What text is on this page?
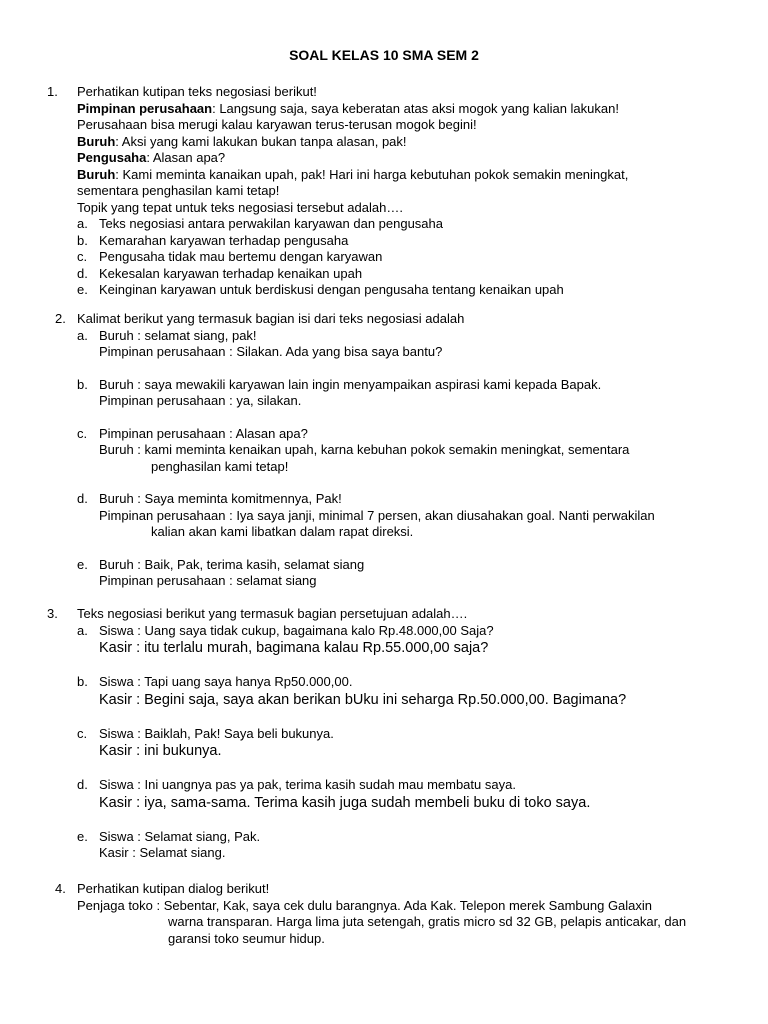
SOAL KELAS 10 SMA SEM 2
1. Perhatikan kutipan teks negosiasi berikut!
Pimpinan perusahaan: Langsung saja, saya keberatan atas aksi mogok yang kalian lakukan!
Perusahaan bisa merugi kalau karyawan terus-terusan mogok begini!
Buruh: Aksi yang kami lakukan bukan tanpa alasan, pak!
Pengusaha: Alasan apa?
Buruh: Kami meminta kanaikan upah, pak! Hari ini harga kebutuhan pokok semakin meningkat,
sementara penghasilan kami tetap!
Topik yang tepat untuk teks negosiasi tersebut adalah….
a. Teks negosiasi antara perwakilan karyawan dan pengusaha
b. Kemarahan karyawan terhadap pengusaha
c. Pengusaha tidak mau bertemu dengan karyawan
d. Kekesalan karyawan terhadap kenaikan upah
e. Keinginan karyawan untuk berdiskusi dengan pengusaha tentang kenaikan upah
2. Kalimat berikut yang termasuk bagian isi dari teks negosiasi adalah
a. Buruh : selamat siang, pak!
Pimpinan perusahaan : Silakan. Ada yang bisa saya bantu?
b. Buruh : saya mewakili karyawan lain ingin menyampaikan aspirasi kami kepada Bapak.
Pimpinan perusahaan : ya, silakan.
c. Pimpinan perusahaan : Alasan apa?
Buruh : kami meminta kenaikan upah, karna kebuhan pokok semakin meningkat, sementara
penghasilan kami tetap!
d. Buruh : Saya meminta komitmennya, Pak!
Pimpinan perusahaan : Iya saya janji, minimal 7 persen, akan diusahakan goal. Nanti perwakilan
kalian akan kami libatkan dalam rapat direksi.
e. Buruh : Baik, Pak, terima kasih, selamat siang
Pimpinan perusahaan : selamat siang
3. Teks negosiasi berikut yang termasuk bagian persetujuan adalah….
a. Siswa : Uang saya tidak cukup, bagaimana kalo Rp.48.000,00 Saja?
Kasir : itu terlalu murah, bagimana kalau Rp.55.000,00 saja?
b. Siswa : Tapi uang saya hanya Rp50.000,00.
Kasir : Begini saja, saya akan berikan bUku ini seharga Rp.50.000,00. Bagimana?
c. Siswa : Baiklah, Pak! Saya beli bukunya.
Kasir : ini bukunya.
d. Siswa : Ini uangnya pas ya pak, terima kasih sudah mau membatu saya.
Kasir : iya, sama-sama. Terima kasih juga sudah membeli buku di toko saya.
e. Siswa : Selamat siang, Pak.
Kasir : Selamat siang.
4. Perhatikan kutipan dialog berikut!
Penjaga toko : Sebentar, Kak, saya cek dulu barangnya. Ada Kak. Telepon merek Sambung Galaxin
warna transparan. Harga lima juta setengah, gratis micro sd 32 GB, pelapis anticakar, dan
garansi toko seumur hidup.
